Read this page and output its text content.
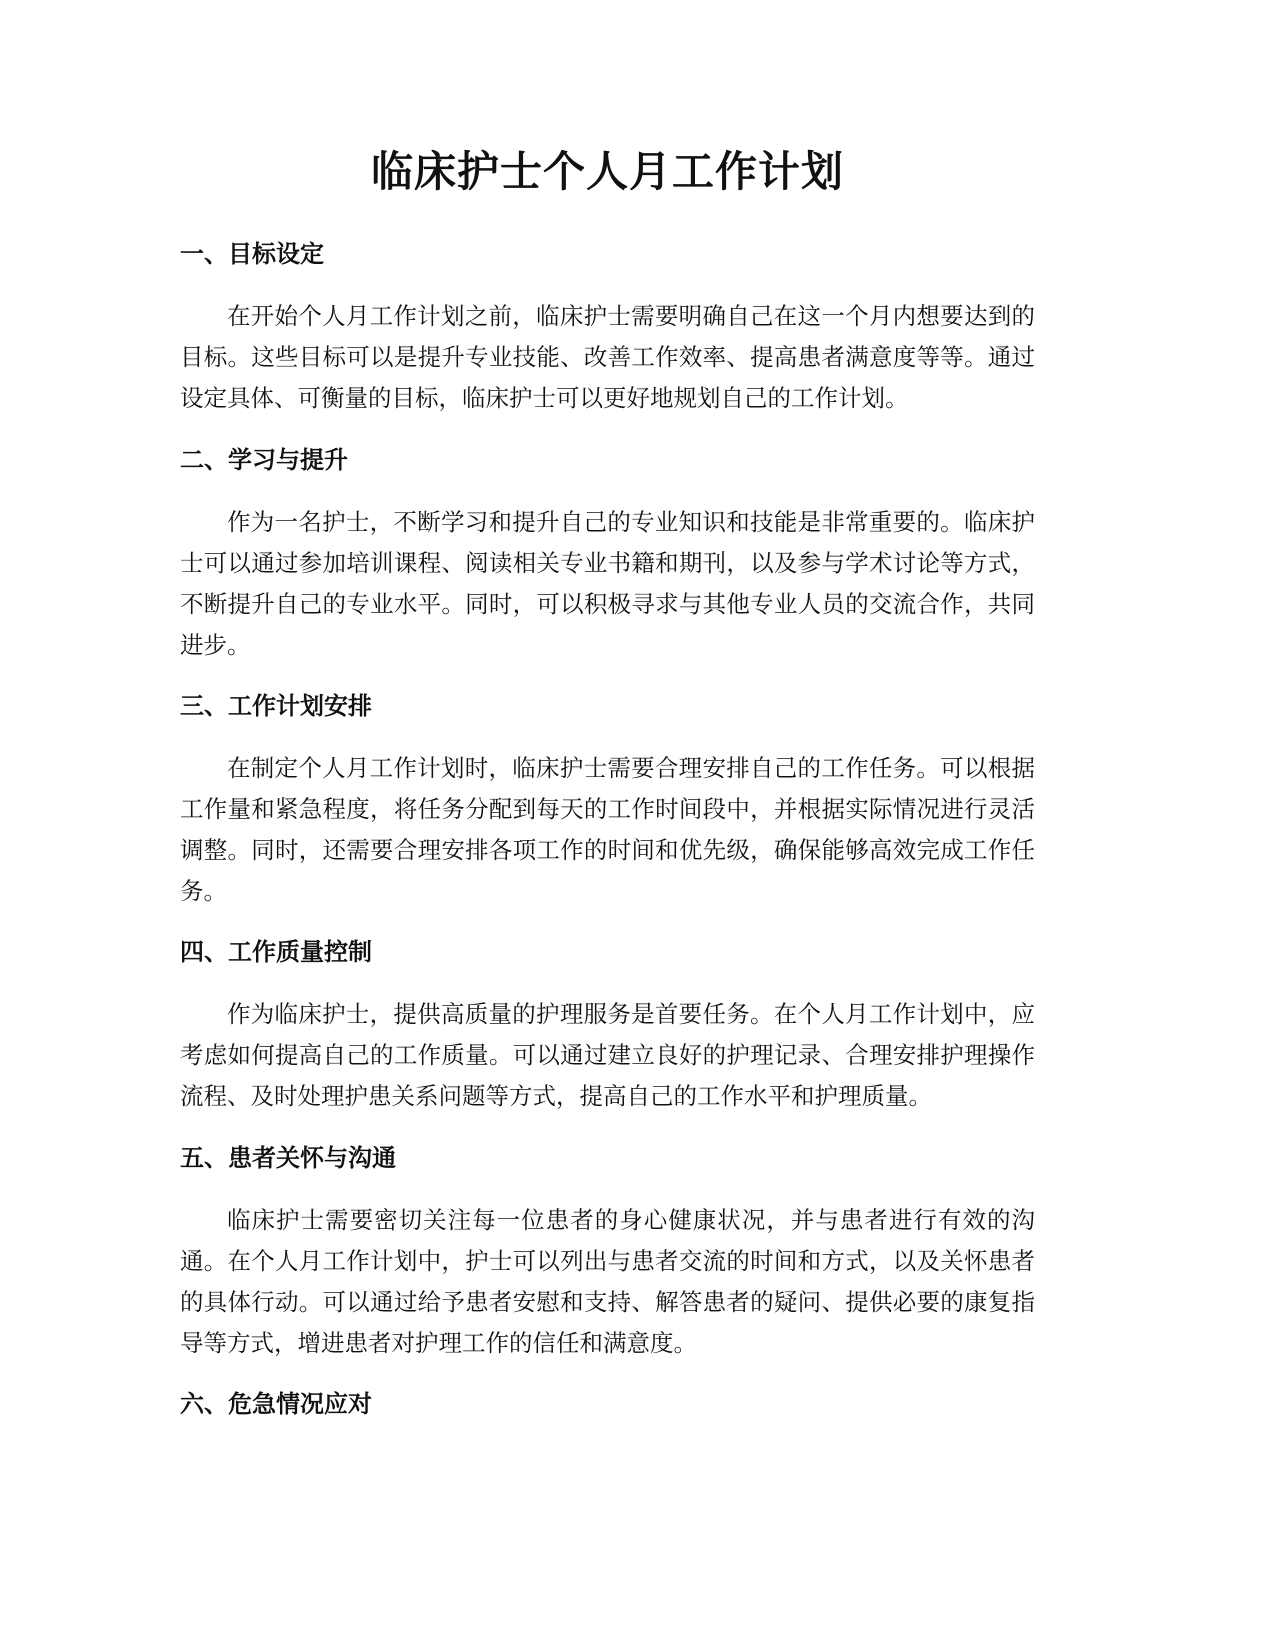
临床护士个人月工作计划
一、目标设定

在开始个人月工作计划之前，临床护士需要明确自己在这一个月内想要达到的目标。这些目标可以是提升专业技能、改善工作效率、提高患者满意度等等。通过设定具体、可衡量的目标，临床护士可以更好地规划自己的工作计划。

二、学习与提升

作为一名护士，不断学习和提升自己的专业知识和技能是非常重要的。临床护士可以通过参加培训课程、阅读相关专业书籍和期刊，以及参与学术讨论等方式，不断提升自己的专业水平。同时，可以积极寻求与其他专业人员的交流合作，共同进步。

三、工作计划安排

在制定个人月工作计划时，临床护士需要合理安排自己的工作任务。可以根据工作量和紧急程度，将任务分配到每天的工作时间段中，并根据实际情况进行灵活调整。同时，还需要合理安排各项工作的时间和优先级，确保能够高效完成工作任务。

四、工作质量控制

作为临床护士，提供高质量的护理服务是首要任务。在个人月工作计划中，应考虑如何提高自己的工作质量。可以通过建立良好的护理记录、合理安排护理操作流程、及时处理护患关系问题等方式，提高自己的工作水平和护理质量。

五、患者关怀与沟通

临床护士需要密切关注每一位患者的身心健康状况，并与患者进行有效的沟通。在个人月工作计划中，护士可以列出与患者交流的时间和方式，以及关怀患者的具体行动。可以通过给予患者安慰和支持、解答患者的疑问、提供必要的康复指导等方式，增进患者对护理工作的信任和满意度。

六、危急情况应对
